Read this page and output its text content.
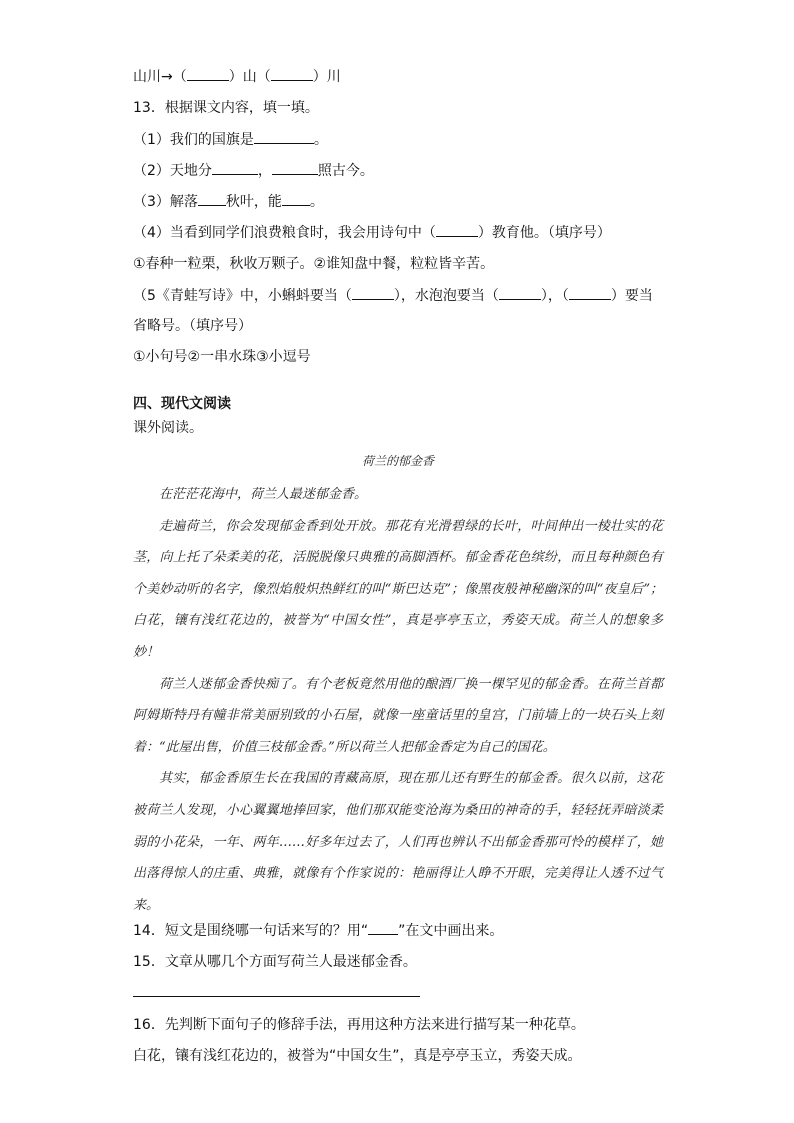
山川→（	）山（	）川
13．根据课文内容，填一填。
（1）我们的国旗是	。
（2）天地分	，	照古今。
（3）解落 秋叶，能 。
（4）当看到同学们浪费粮食时，我会用诗句中（	）教育他。（填序号）
①春种一粒栗，秋收万颗子。②谁知盘中餐，粒粒皆辛苦。
（5《青蛙写诗》中，小蝌蚪要当（	），水泡泡要当（	），（	）要当
省略号。（填序号）
①小句号②一串水珠③小逗号
四、现代文阅读
课外阅读。
荷兰的郁金香

在茫茫花海中，荷兰人最迷郁金香。

走遍荷兰，你会发现郁金香到处开放。那花有光滑碧绿的长叶，叶间伸出一棱壮实的花茎，向上托了朵柔美的花，活脱脱像只典雅的高脚酒杯。郁金香花色缤纷，而且每种颜色有个美妙动听的名字，像烈焰般炽热鲜红的叫“斯巴达克”；像黑夜般神秘幽深的叫“夜皇后”；白花，镶有浅红花边的，被誉为“中国女性”，真是亭亭玉立，秀姿天成。荷兰人的想象多妙！

荷兰人迷郁金香快痴了。有个老板竟然用他的酿酒厂换一棵罕见的郁金香。在荷兰首都阿姆斯特丹有幢非常美丽别致的小石屋，就像一座童话里的皇宫，门前墙上的一块石头上刻着：“此屋出售，价值三枝郁金香。”所以荷兰人把郁金香定为自己的国花。

其实，郁金香原生长在我国的青藏高原，现在那儿还有野生的郁金香。很久以前，这花被荷兰人发现，小心翼翼地捧回家，他们那双能变沧海为桑田的神奇的手，轻轻抚弄暗淡柔弱的小花朵，一年、两年……好多年过去了，人们再也辨认不出郁金香那可怜的模样了，她出落得惊人的庄重、典雅，就像有个作家说的：艳丽得让人睁不开眼，完美得让人透不过气来。

14．短文是围绕哪一句话来写的？用“ ”在文中画出来。
15．文章从哪几个方面写荷兰人最迷郁金香。
16．先判断下面句子的修辞手法，再用这种方法来进行描写某一种花草。
白花，镶有浅红花边的，被誉为“中国女生”，真是亭亭玉立，秀姿天成。
